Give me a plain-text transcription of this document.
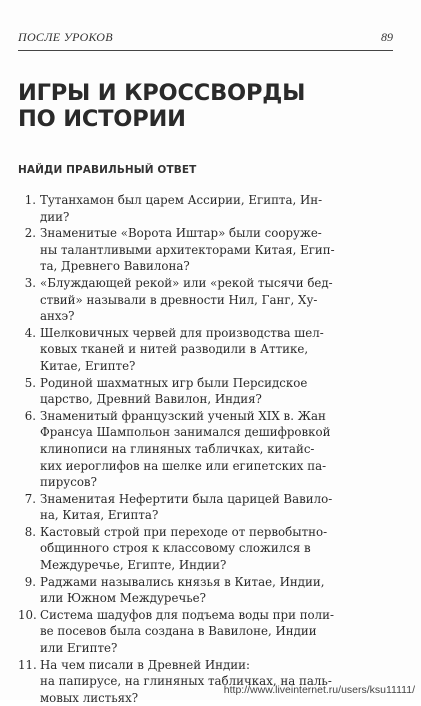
ПОСЛЕ УРОКОВ	89
ИГРЫ И КРОССВОРДЫ
ПО ИСТОРИИ
НАЙДИ ПРАВИЛЬНЫЙ ОТВЕТ
1. Тутанхамон был царем Ассирии, Египта, Ин-
дии?
2. Знаменитые «Ворота Иштар» были сооруже-
ны талантливыми архитекторами Китая, Егип-
та, Древнего Вавилона?
3. «Блуждающей рекой» или «рекой тысячи бед-
ствий» называли в древности Нил, Ганг, Ху-
анхэ?
4. Шелковичных червей для производства шел-
ковых тканей и нитей разводили в Аттике,
Китае, Египте?
5. Родиной шахматных игр были Персидское
царство, Древний Вавилон, Индия?
6. Знаменитый французский ученый XIX в. Жан
Франсуа Шампольон занимался дешифровкой
клинописи на глиняных табличках, китайс-
ких иероглифов на шелке или египетских па-
пирусов?
7. Знаменитая Нефертити была царицей Вавило-
на, Китая, Египта?
8. Кастовый строй при переходе от первобытно-
общинного строя к классовому сложился в
Междуречье, Египте, Индии?
9. Раджами назывались князья в Китае, Индии,
или Южном Междуречье?
10. Система шадуфов для подъема воды при поли-
ве посевов была создана в Вавилоне, Индии
или Египте?
11. На чем писали в Древней Индии:
на папирусе, на глиняных табличках, на паль-
мовых листьях?
http://www.liveinternet.ru/users/ksu11111/
